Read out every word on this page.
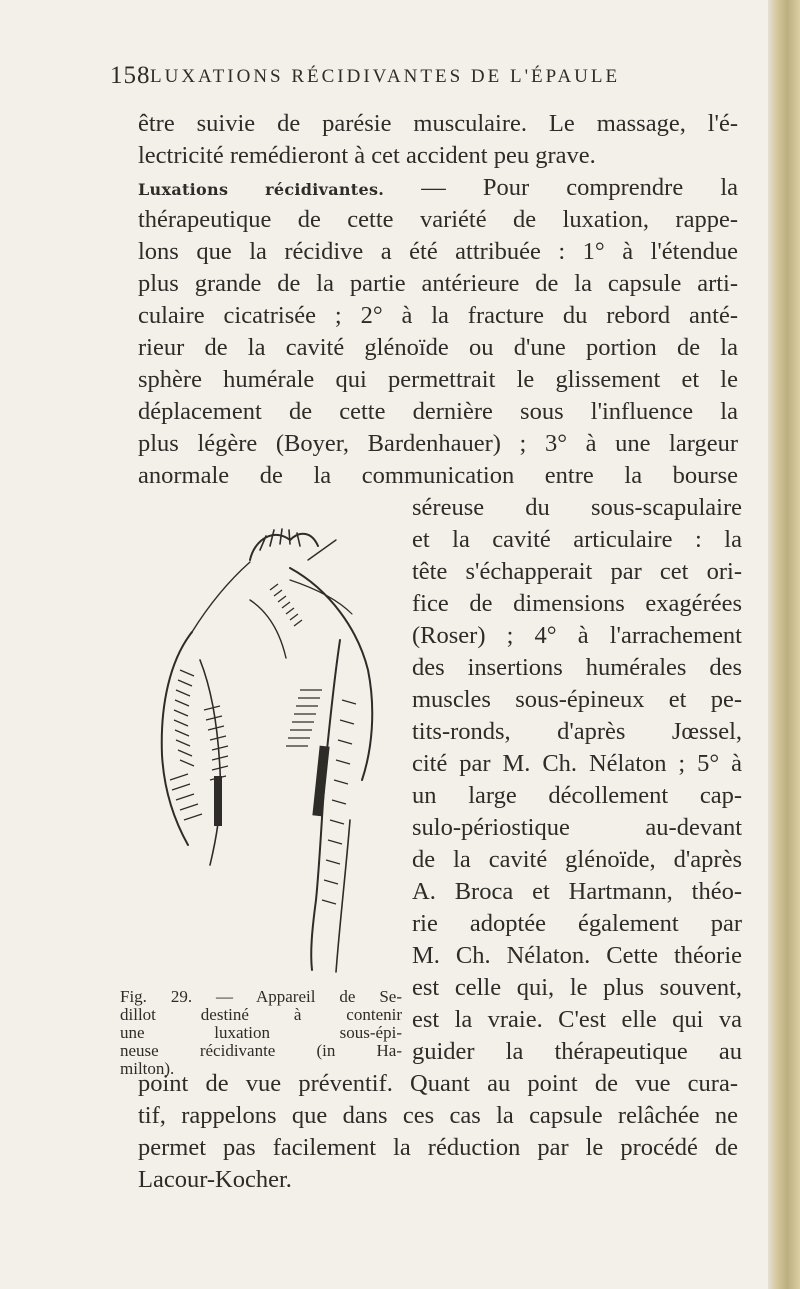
158 LUXATIONS RÉCIDIVANTES DE L'ÉPAULE
être suivie de parésie musculaire. Le massage, l'é-
lectricité remédieront à cet accident peu grave.
Luxations récidivantes. — Pour comprendre la
thérapeutique de cette variété de luxation, rappe-
lons que la récidive a été attribuée : 1° à l'étendue
plus grande de la partie antérieure de la capsule arti-
culaire cicatrisée ; 2° à la fracture du rebord anté-
rieur de la cavité glénoïde ou d'une portion de la
sphère humérale qui permettrait le glissement et le
déplacement de cette dernière sous l'influence la
plus légère (Boyer, Bardenhauer) ; 3° à une largeur
anormale de la communication entre la bourse
séreuse du sous-scapulaire
et la cavité articulaire : la
tête s'échapperait par cet ori-
fice de dimensions exagérées
(Roser) ; 4° à l'arrachement
des insertions humérales des
muscles sous-épineux et pe-
tits-ronds, d'après Jœssel,
cité par M. Ch. Nélaton ; 5° à
un large décollement cap-
sulo-périostique au-devant
de la cavité glénoïde, d'après
A. Broca et Hartmann, théo-
rie adoptée également par
M. Ch. Nélaton. Cette théorie
est celle qui, le plus souvent,
est la vraie. C'est elle qui va
guider la thérapeutique au
point de vue préventif. Quant au point de vue cura-
tif, rappelons que dans ces cas la capsule relâchée ne
permet pas facilement la réduction par le procédé de
Lacour-Kocher.
Fig. 29. — Appareil de Se-
dillot destiné à contenir
une luxation sous-épi-
neuse récidivante (in Ha-
milton).
